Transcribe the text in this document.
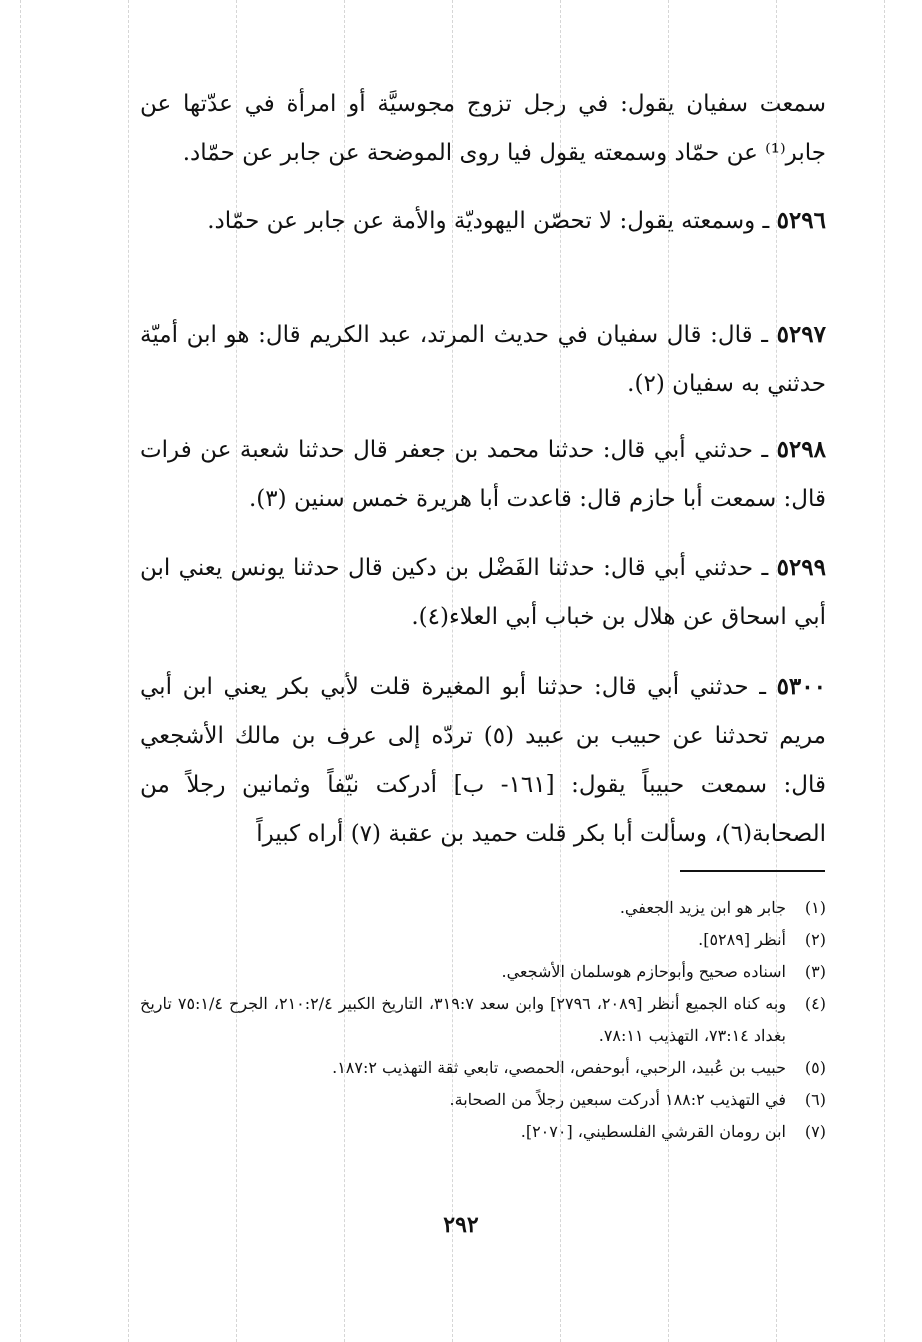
سمعت سفيان يقول: في رجل تزوج مجوسيَّة أو امرأة في عدّتها عن جابر⁽¹⁾ عن حمّاد وسمعته يقول فيا روى الموضحة عن جابر عن حمّاد.
٥٢٩٦ ـ وسمعته يقول: لا تحصّن اليهوديّة والأمة عن جابر عن حمّاد.
٥٢٩٧ ـ قال: قال سفيان في حديث المرتد، عبد الكريم قال: هو ابن أميّة حدثني به سفيان (٢).
٥٢٩٨ ـ حدثني أبي قال: حدثنا محمد بن جعفر قال حدثنا شعبة عن فرات قال: سمعت أبا حازم قال: قاعدت أبا هريرة خمس سنين (٣).
٥٢٩٩ ـ حدثني أبي قال: حدثنا الفَضْل بن دكين قال حدثنا يونس يعني ابن أبي اسحاق عن هلال بن خباب أبي العلاء(٤).
٥٣٠٠ ـ حدثني أبي قال: حدثنا أبو المغيرة قلت لأبي بكر يعني ابن أبي مريم تحدثنا عن حبيب بن عبيد (٥) تردّه إلى عرف بن مالك الأشجعي قال: سمعت حبيباً يقول: [١٦١- ب] أدركت نيّفاً وثمانين رجلاً من الصحابة(٦)، وسألت أبا بكر قلت حميد بن عقبة (٧) أراه كبيراً
(١)
جابر هو ابن يزيد الجعفي.
(٢)
أنظر [٥٢٨٩].
(٣)
اسناده صحيح وأبوحازم هوسلمان الأشجعي.
(٤)
وبه كناه الجميع أنظر [٢٠٨٩، ٢٧٩٦] وابن سعد ٣١٩:٧، التاريخ الكبير ٢١٠:٢/٤، الجرح ٧٥:١/٤ تاريخ بغداد ٧٣:١٤، التهذيب ٧٨:١١.
(٥)
حبيب بن عُبيد، الرحبي، أبوحفص، الحمصي، تابعي ثقة التهذيب ١٨٧:٢.
(٦)
في التهذيب ١٨٨:٢ أدركت سبعين رجلاً من الصحابة.
(٧)
ابن رومان القرشي الفلسطيني، [٢٠٧٠].
٢٩٢
